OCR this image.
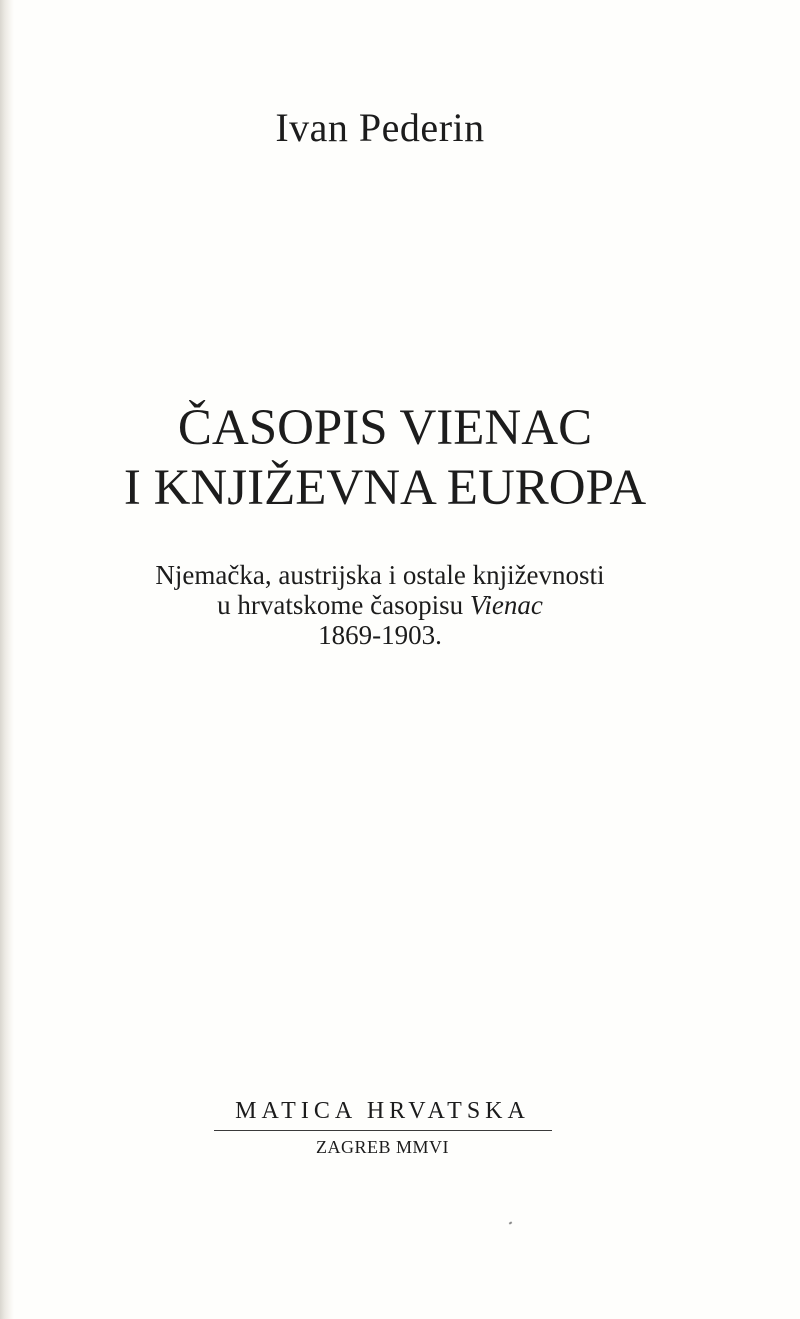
Ivan Pederin
ČASOPIS VIENAC
I KNJIŽEVNA EUROPA
Njemačka, austrijska i ostale književnosti
u hrvatskome časopisu Vienac
1869-1903.
MATICA HRVATSKA
ZAGREB MMVI
